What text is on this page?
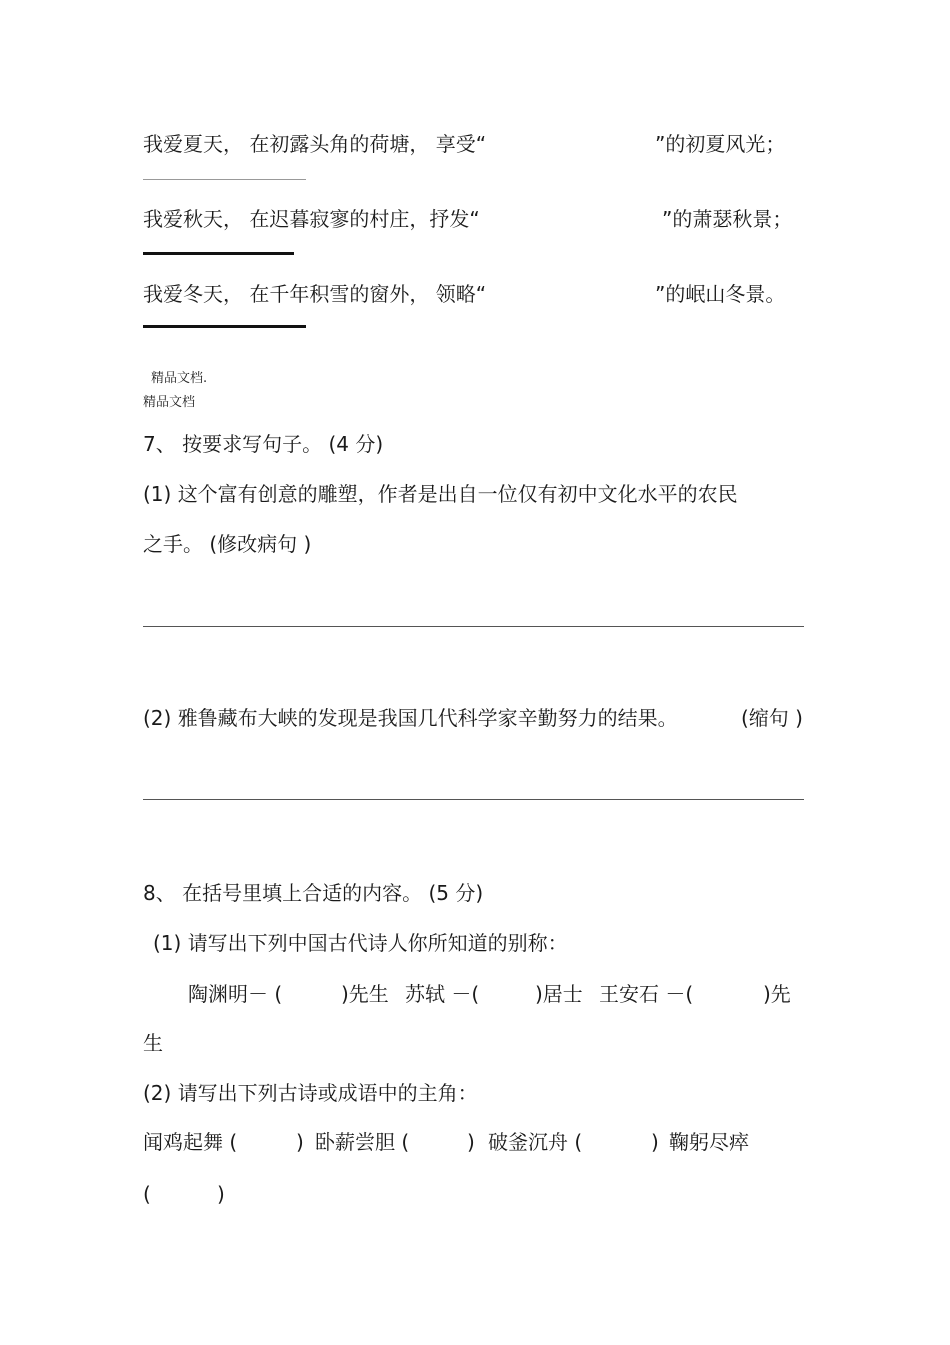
我爱夏天， 在初露头角的荷塘， 享受“	”的初夏风光；
我爱秋天， 在迟暮寂寥的村庄，抒发“	”的萧瑟秋景；
我爱冬天， 在千年积雪的窗外， 领略“	”的岷山冬景。
精品文档.
精品文档
7、 按要求写句子。 (4 分)
(1) 这个富有创意的雕塑，作者是出自一位仅有初中文化水平的农民
之手。 (修改病句 )
(2) 雅鲁藏布大峡的发现是我国几代科学家辛勤努力的结果。	(缩句 )
8、 在括号里填上合适的内容。 (5 分)
(1) 请写出下列中国古代诗人你所知道的别称：
陶渊明－ (	)先生 苏轼 －(	)居士 王安石 －(	)先
生
(2) 请写出下列古诗或成语中的主角：
闻鸡起舞 (	) 卧薪尝胆 (	) 破釜沉舟 (	) 鞠躬尽瘁
(	)
